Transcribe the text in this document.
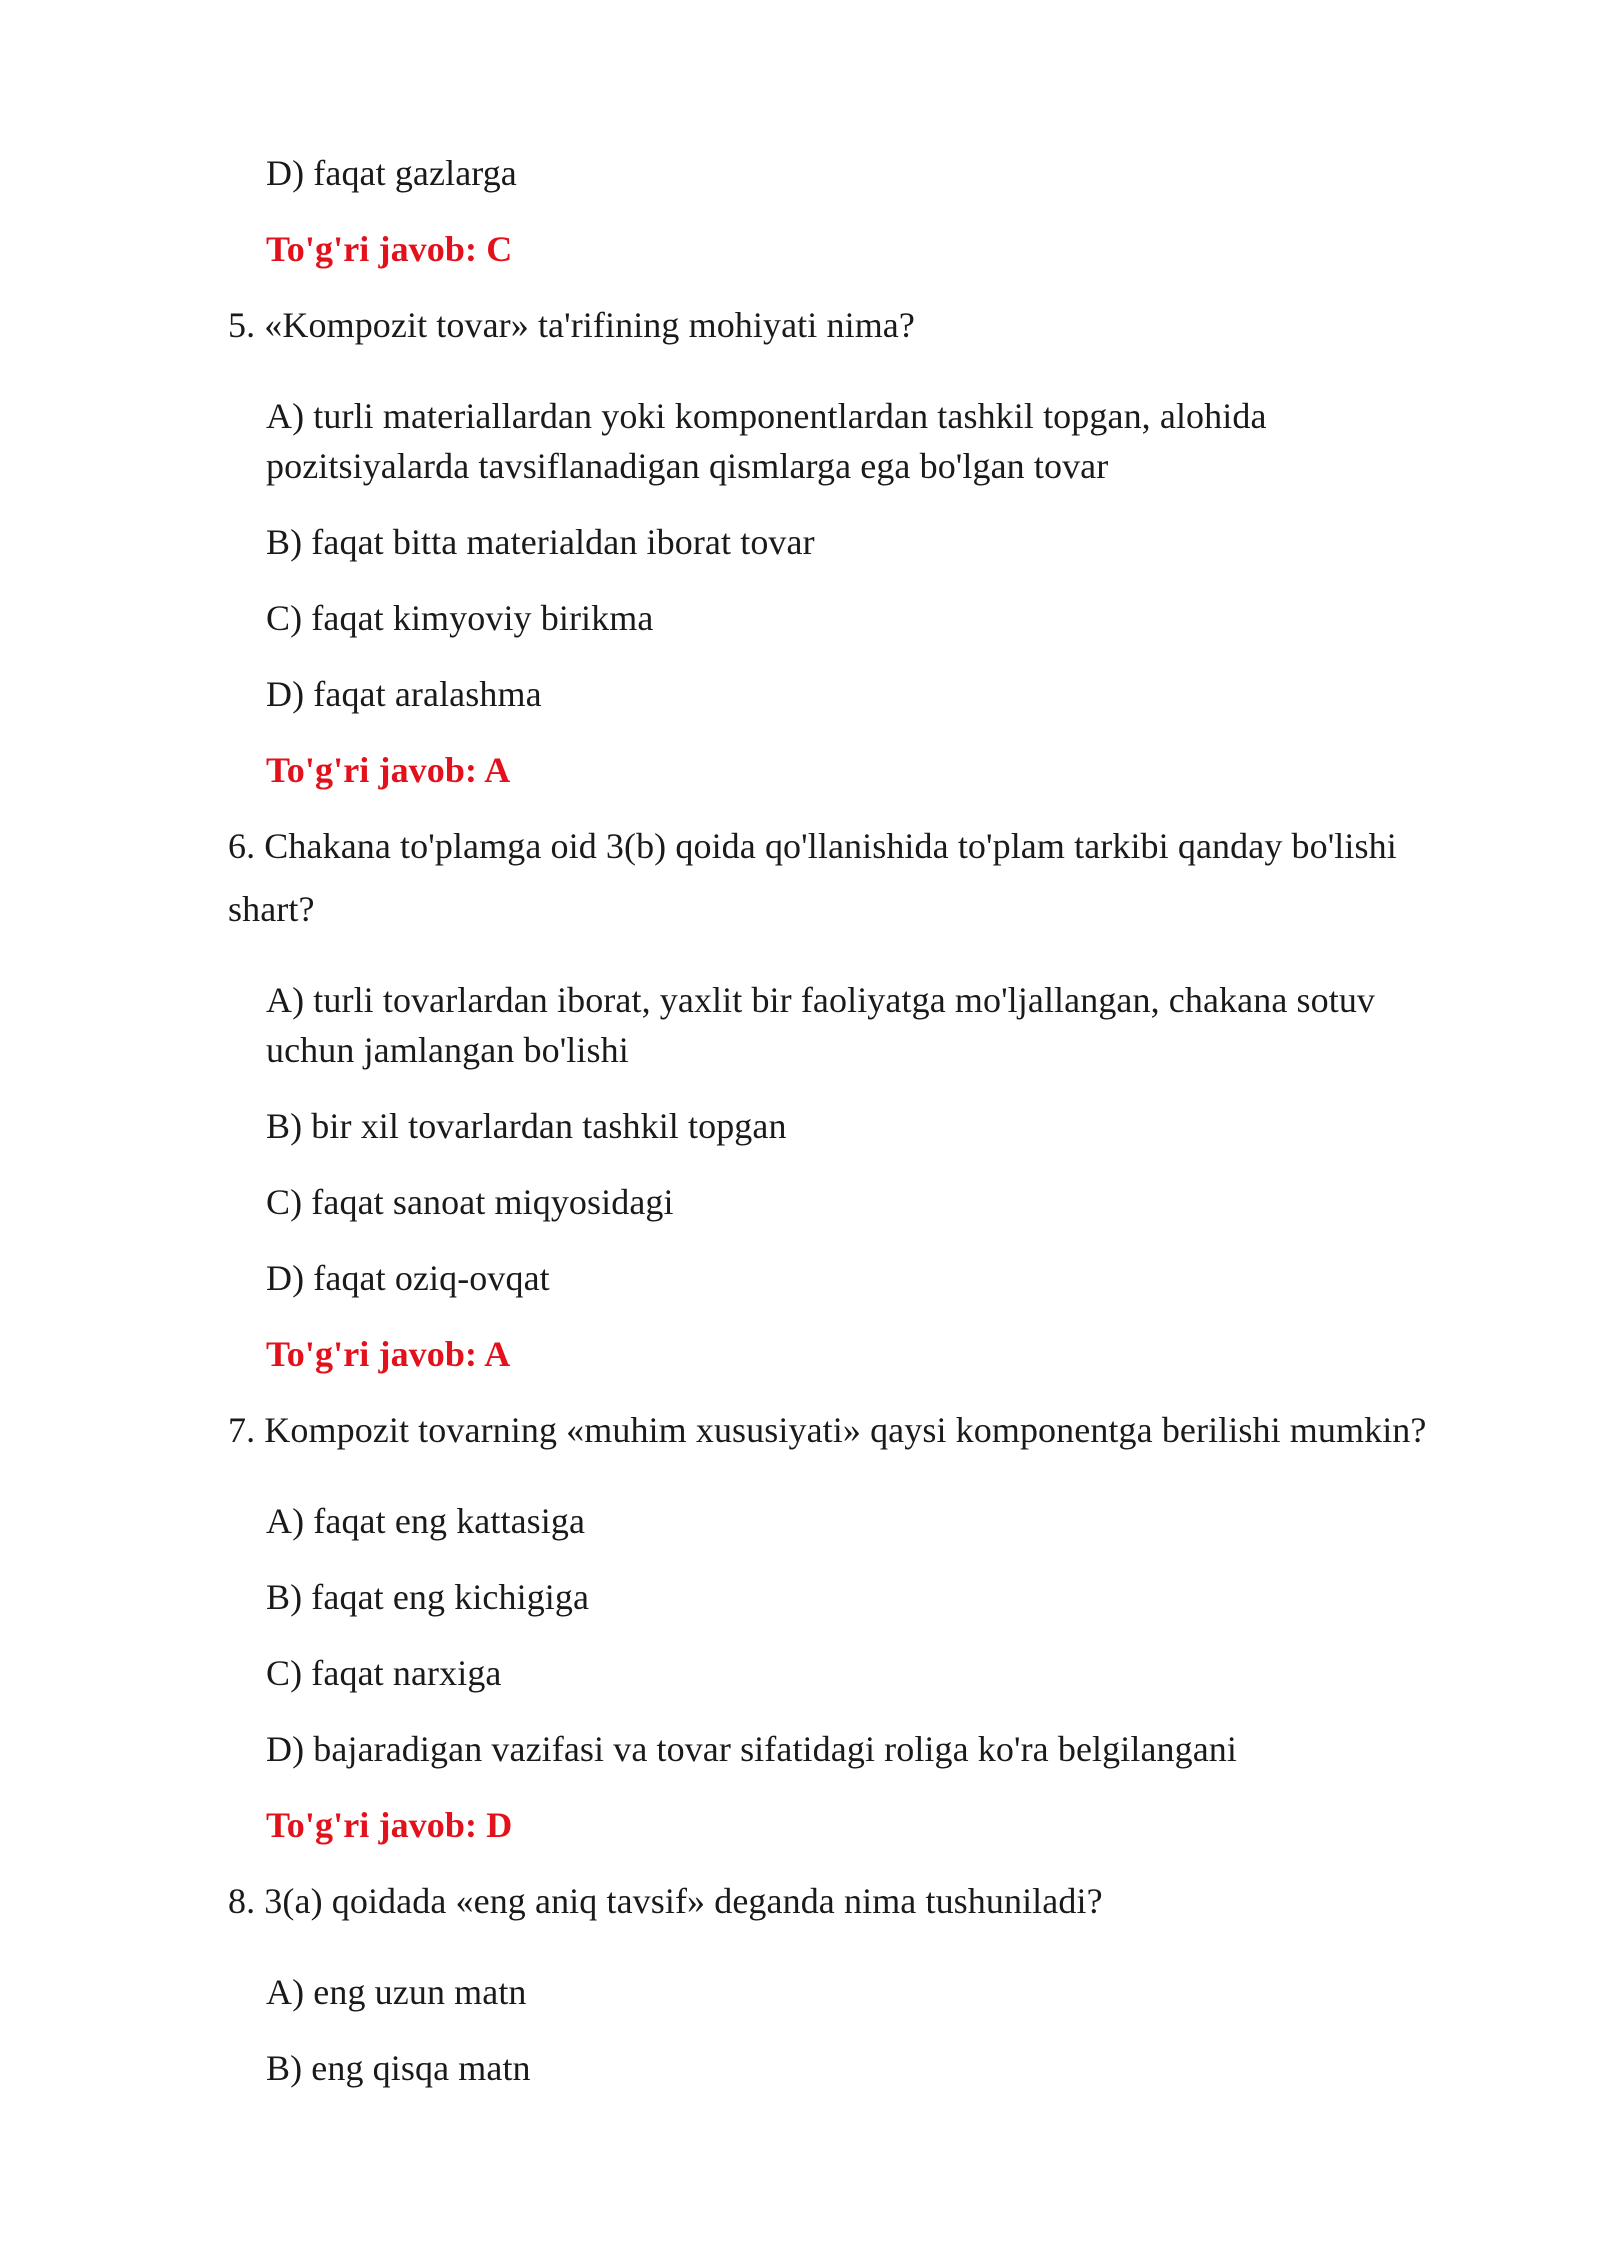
D) faqat gazlarga
To'g'ri javob: C
5. «Kompozit tovar» ta'rifining mohiyati nima?
A) turli materiallardan yoki komponentlardan tashkil topgan, alohida
pozitsiyalarda tavsiflanadigan qismlarga ega bo'lgan tovar
B) faqat bitta materialdan iborat tovar
C) faqat kimyoviy birikma
D) faqat aralashma
To'g'ri javob: A
6. Chakana to'plamga oid 3(b) qoida qo'llanishida to'plam tarkibi qanday bo'lishi
shart?
A) turli tovarlardan iborat, yaxlit bir faoliyatga mo'ljallangan, chakana sotuv
uchun jamlangan bo'lishi
B) bir xil tovarlardan tashkil topgan
C) faqat sanoat miqyosidagi
D) faqat oziq-ovqat
To'g'ri javob: A
7. Kompozit tovarning «muhim xususiyati» qaysi komponentga berilishi mumkin?
A) faqat eng kattasiga
B) faqat eng kichigiga
C) faqat narxiga
D) bajaradigan vazifasi va tovar sifatidagi roliga ko'ra belgilangani
To'g'ri javob: D
8. 3(a) qoidada «eng aniq tavsif» deganda nima tushuniladi?
A) eng uzun matn
B) eng qisqa matn
